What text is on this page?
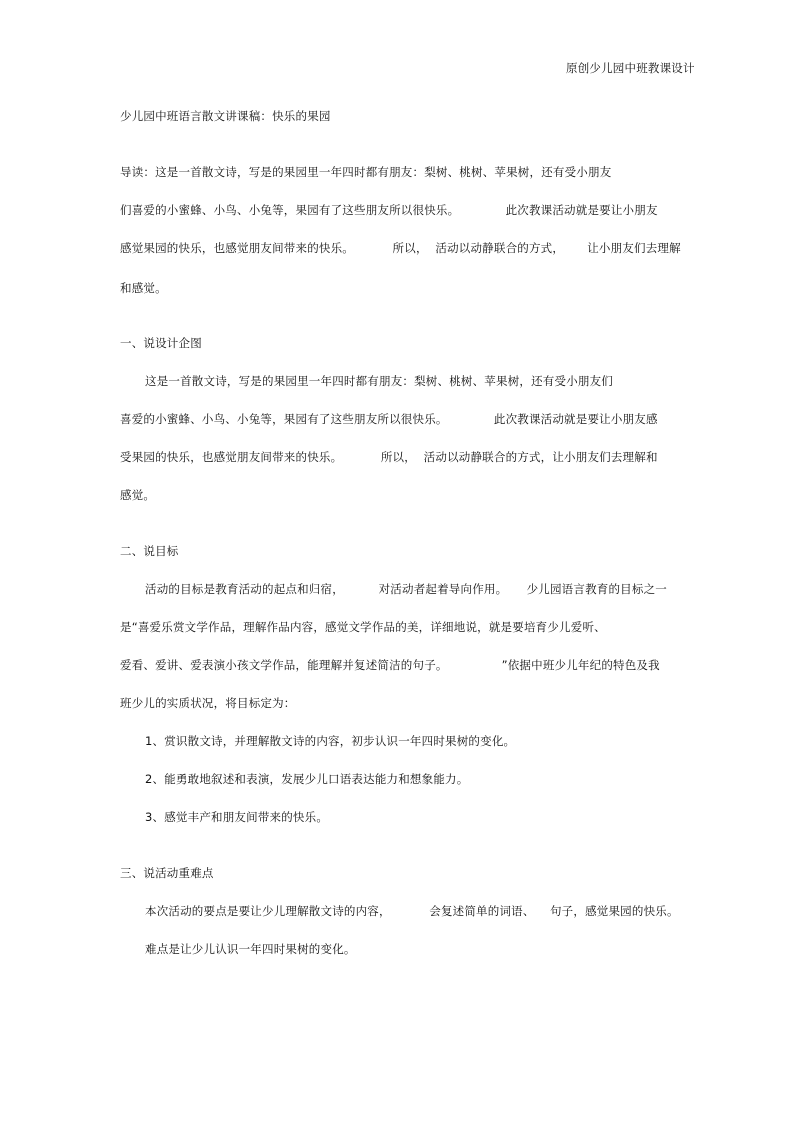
原创少儿园中班教课设计
少儿园中班语言散文讲课稿：快乐的果园
导读：这是一首散文诗，写是的果园里一年四时都有朋友：梨树、桃树、苹果树，还有受小朋友
们喜爱的小蜜蜂、小鸟、小兔等，果园有了这些朋友所以很快乐。            此次教课活动就是要让小朋友
感觉果园的快乐，也感觉朋友间带来的快乐。          所以，  活动以动静联合的方式，      让小朋友们去理解
和感觉。
一、说设计企图
这是一首散文诗，写是的果园里一年四时都有朋友：梨树、桃树、苹果树，还有受小朋友们
喜爱的小蜜蜂、小鸟、小兔等，果园有了这些朋友所以很快乐。            此次教课活动就是要让小朋友感
受果园的快乐，也感觉朋友间带来的快乐。          所以，  活动以动静联合的方式，让小朋友们去理解和
感觉。
二、说目标
活动的目标是教育活动的起点和归宿，         对活动者起着导向作用。     少儿园语言教育的目标之一
是“喜爱乐赏文学作品，理解作品内容，感觉文学作品的美，详细地说，就是要培育少儿爱听、
爱看、爱讲、爱表演小孩文学作品，能理解并复述简洁的句子。              ”依据中班少儿年纪的特色及我
班少儿的实质状况，将目标定为：
1、赏识散文诗，并理解散文诗的内容，初步认识一年四时果树的变化。
2、能勇敢地叙述和表演，发展少儿口语表达能力和想象能力。
3、感觉丰产和朋友间带来的快乐。
三、说活动重难点
本次活动的要点是要让少儿理解散文诗的内容，          会复述简单的词语、    句子，感觉果园的快乐。
难点是让少儿认识一年四时果树的变化。
